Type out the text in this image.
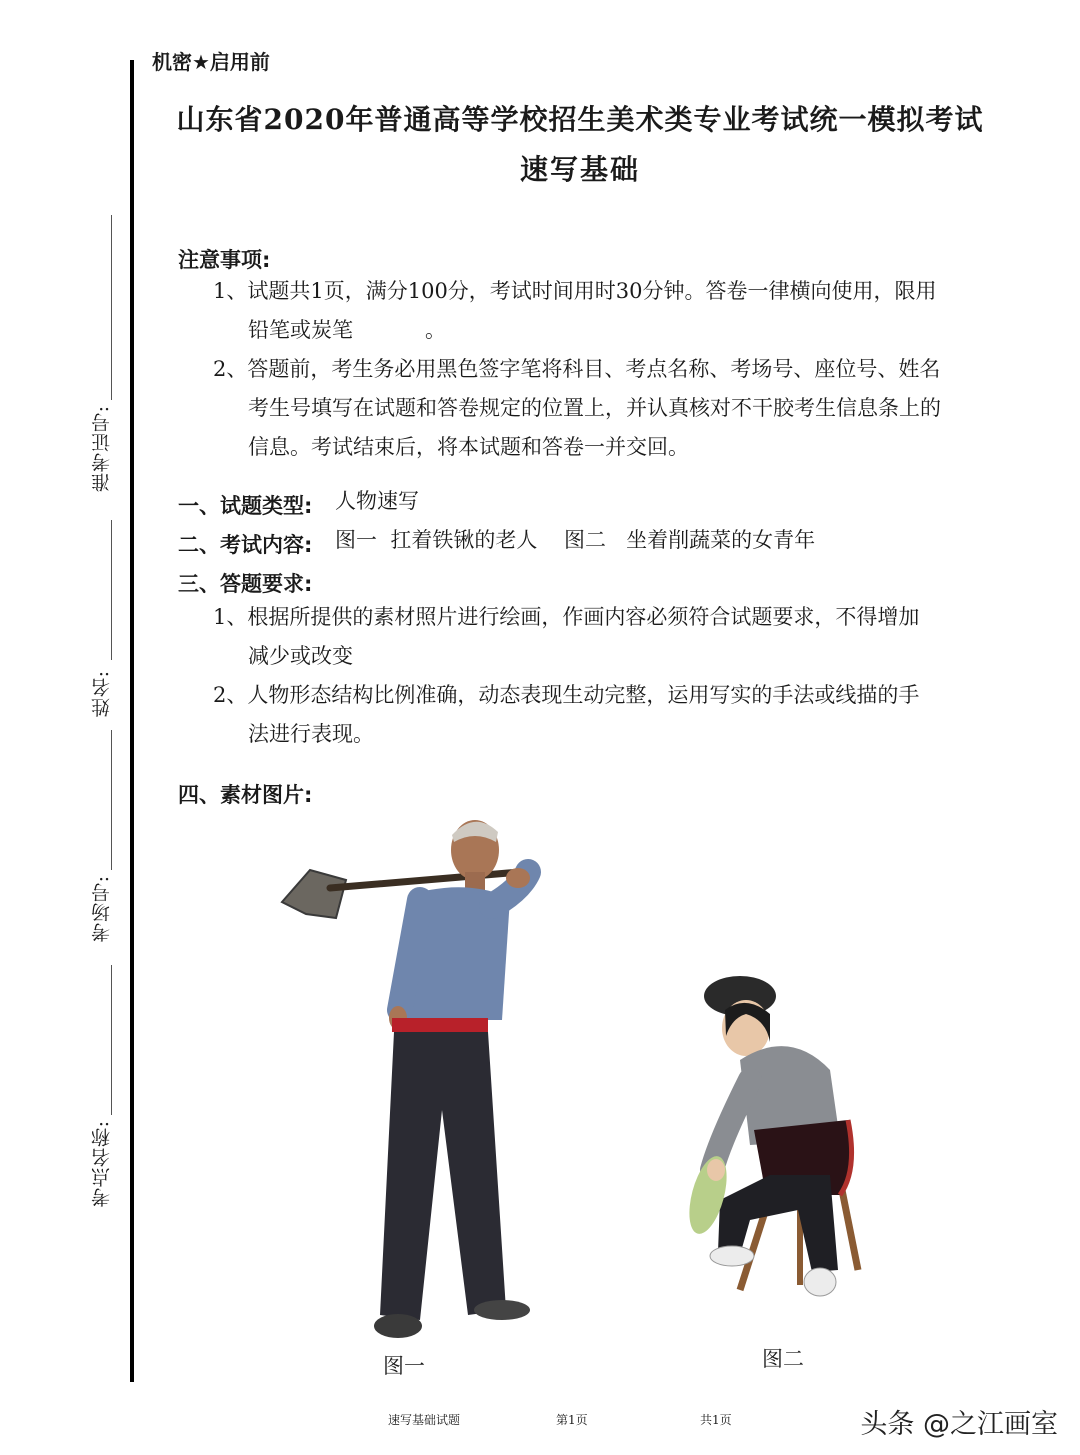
准考证号:
姓名:
考场号:
考点名称:
机密★启用前
山东省2020年普通高等学校招生美术类专业考试统一模拟考试
速写基础
注意事项:
1、试题共1页，满分100分，考试时间用时30分钟。答卷一律横向使用，限用
铅笔或炭笔	。
2、答题前，考生务必用黑色签字笔将科目、考点名称、考场号、座位号、姓名
考生号填写在试题和答卷规定的位置上，并认真核对不干胶考生信息条上的
信息。考试结束后，将本试题和答卷一并交回。
一、试题类型: 人物速写
二、考试内容: 图一  扛着铁锹的老人    图二   坐着削蔬菜的女青年
三、答题要求:
1、根据所提供的素材照片进行绘画，作画内容必须符合试题要求，不得增加
减少或改变
2、人物形态结构比例准确，动态表现生动完整，运用写实的手法或线描的手
法进行表现。
四、素材图片:
图一	图二
速写基础试题	第1页	共1页	头条 @之江画室
